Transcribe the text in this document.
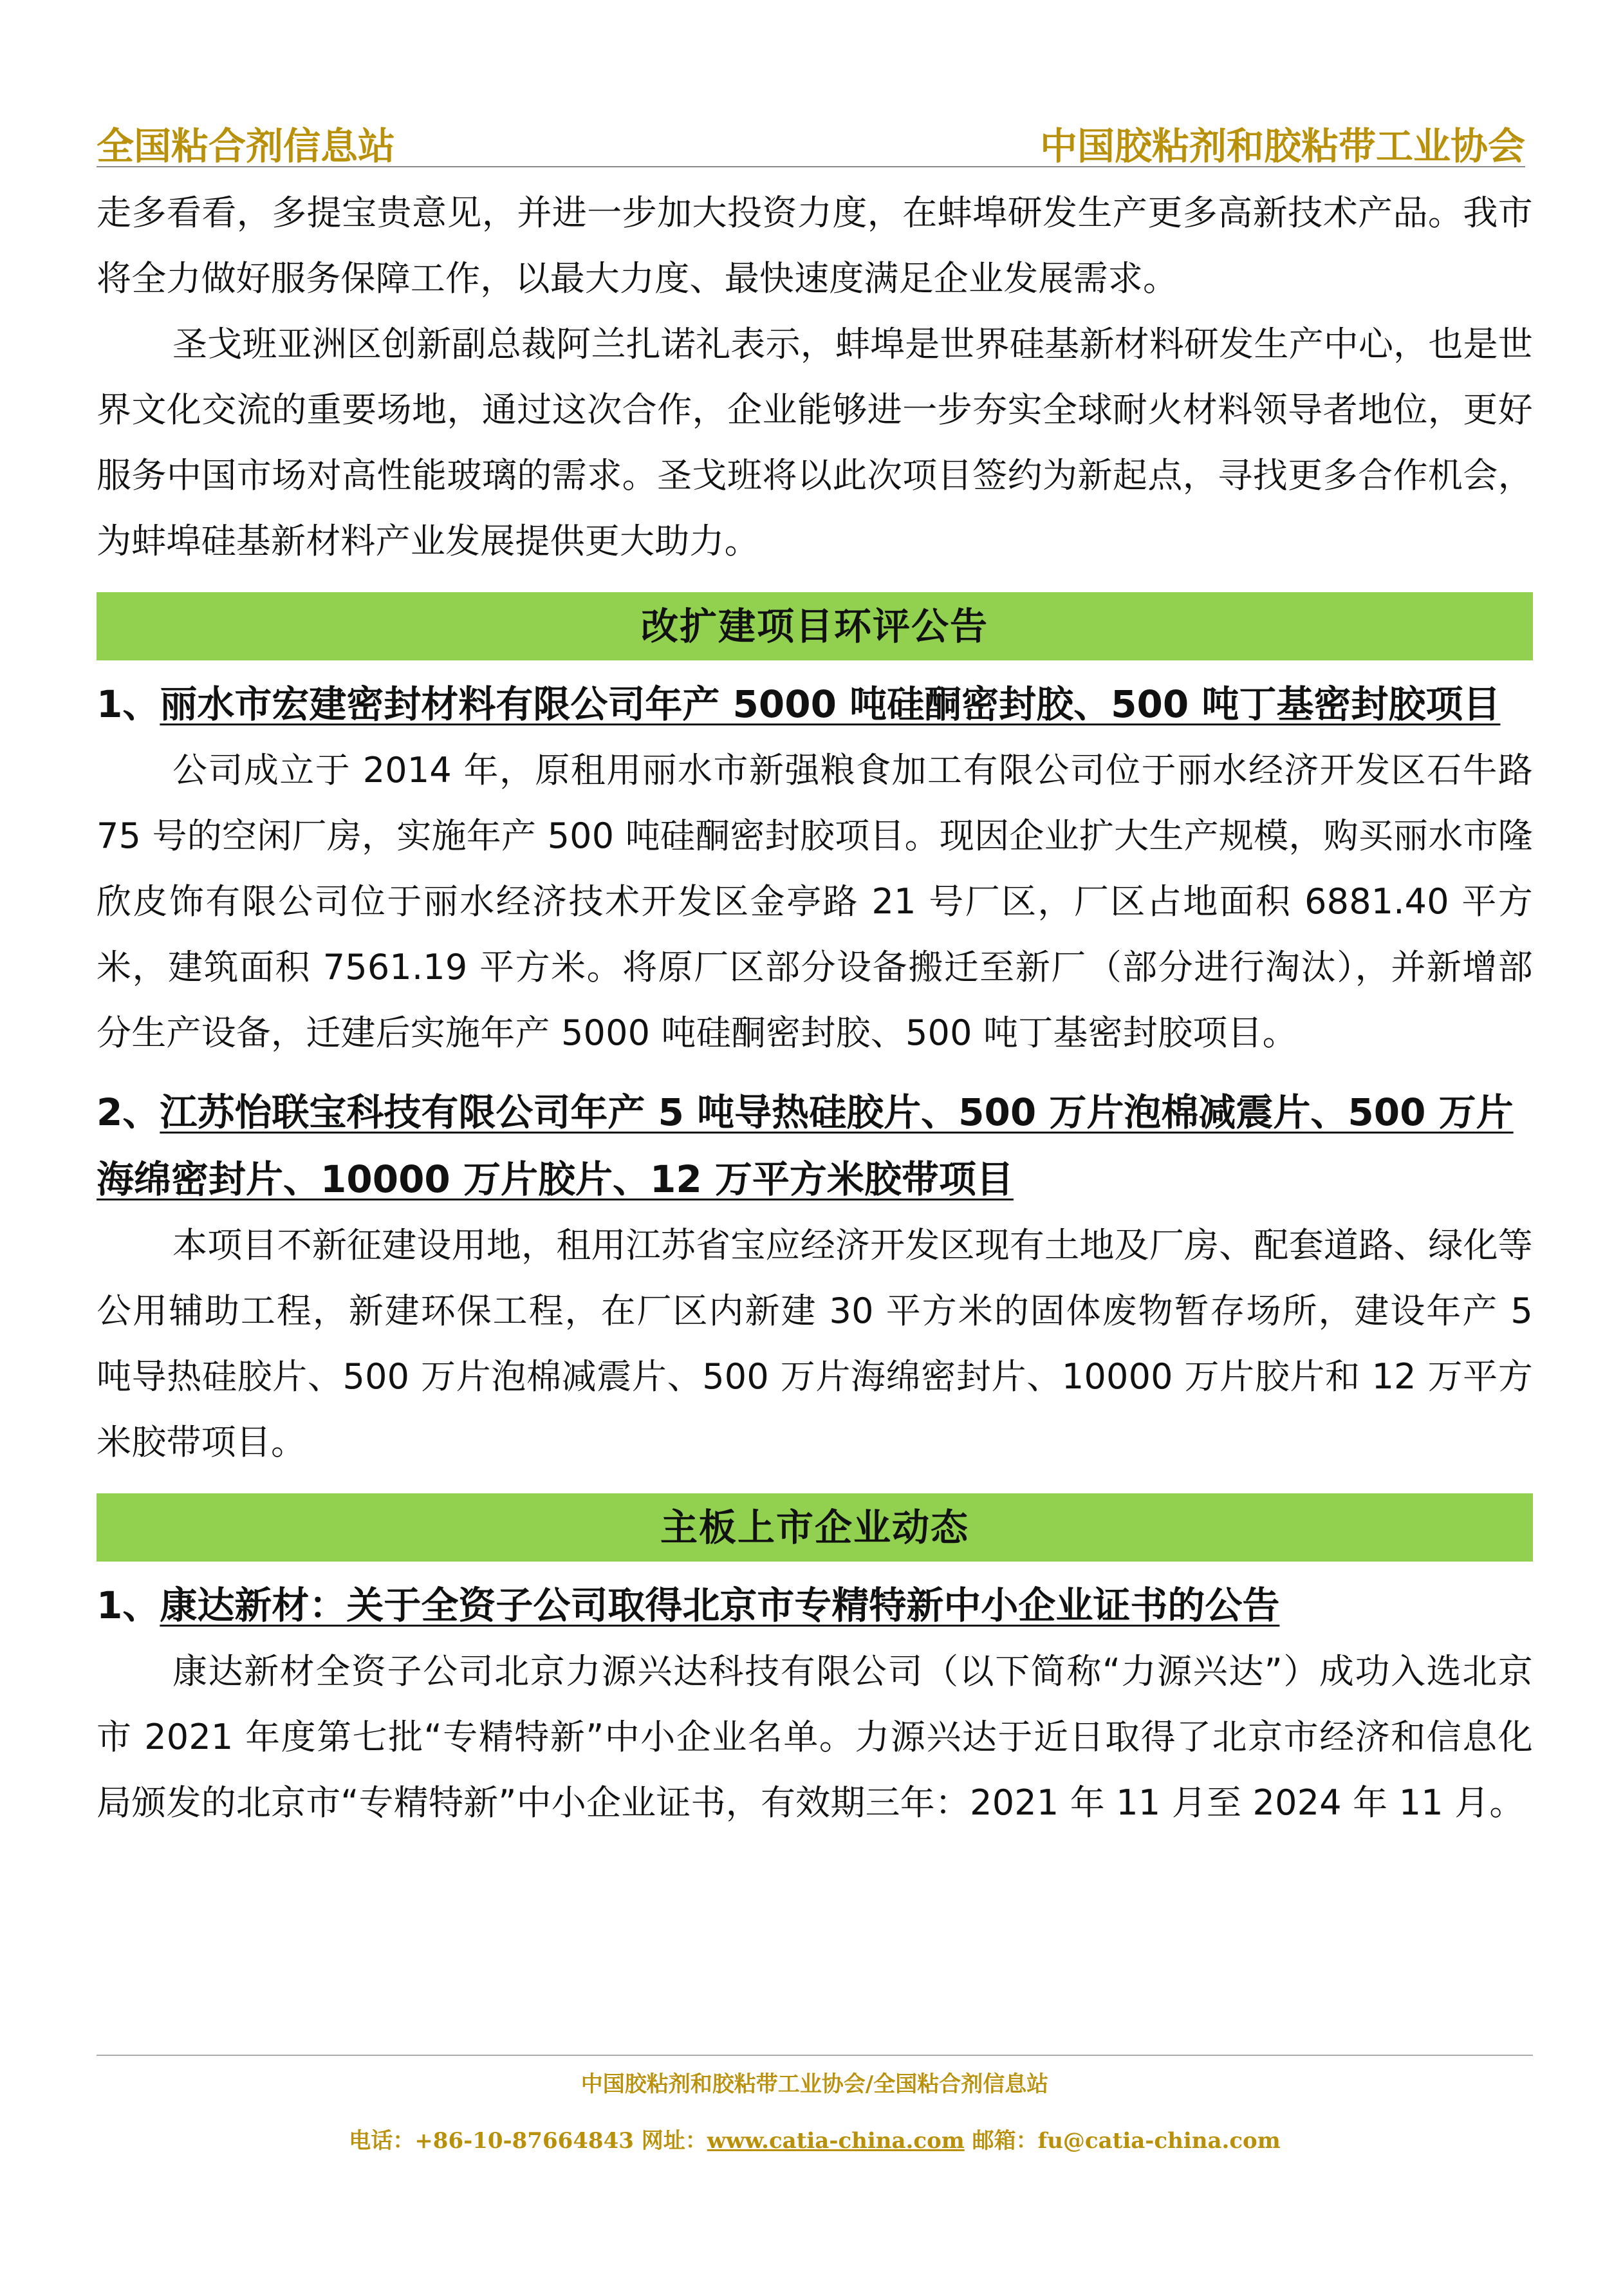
全国粘合剂信息站	中国胶粘剂和胶粘带工业协会

走多看看，多提宝贵意见，并进一步加大投资力度，在蚌埠研发生产更多高新技术产品。我市将全力做好服务保障工作，以最大力度、最快速度满足企业发展需求。

圣戈班亚洲区创新副总裁阿兰扎诺礼表示，蚌埠是世界硅基新材料研发生产中心，也是世界文化交流的重要场地，通过这次合作，企业能够进一步夯实全球耐火材料领导者地位，更好服务中国市场对高性能玻璃的需求。圣戈班将以此次项目签约为新起点，寻找更多合作机会，为蚌埠硅基新材料产业发展提供更大助力。

改扩建项目环评公告
1、丽水市宏建密封材料有限公司年产 5000 吨硅酮密封胶、500 吨丁基密封胶项目

公司成立于 2014 年，原租用丽水市新强粮食加工有限公司位于丽水经济开发区石牛路 75 号的空闲厂房，实施年产 500 吨硅酮密封胶项目。现因企业扩大生产规模，购买丽水市隆欣皮饰有限公司位于丽水经济技术开发区金亭路 21 号厂区，厂区占地面积 6881.40 平方米，建筑面积 7561.19 平方米。将原厂区部分设备搬迁至新厂（部分进行淘汰），并新增部分生产设备，迁建后实施年产 5000 吨硅酮密封胶、500 吨丁基密封胶项目。

2、江苏怡联宝科技有限公司年产 5 吨导热硅胶片、500 万片泡棉减震片、500 万片海绵密封片、10000 万片胶片、12 万平方米胶带项目

本项目不新征建设用地，租用江苏省宝应经济开发区现有土地及厂房、配套道路、绿化等公用辅助工程，新建环保工程，在厂区内新建 30 平方米的固体废物暂存场所，建设年产 5 吨导热硅胶片、500 万片泡棉减震片、500 万片海绵密封片、10000 万片胶片和 12 万平方米胶带项目。

主板上市企业动态
1、康达新材：关于全资子公司取得北京市专精特新中小企业证书的公告

康达新材全资子公司北京力源兴达科技有限公司（以下简称“力源兴达”）成功入选北京市 2021 年度第七批“专精特新”中小企业名单。力源兴达于近日取得了北京市经济和信息化局颁发的北京市“专精特新”中小企业证书，有效期三年：2021 年 11 月至 2024 年 11 月。

中国胶粘剂和胶粘带工业协会/全国粘合剂信息站
电话：+86-10-87664843 网址：www.catia-china.com 邮箱：fu@catia-china.com
